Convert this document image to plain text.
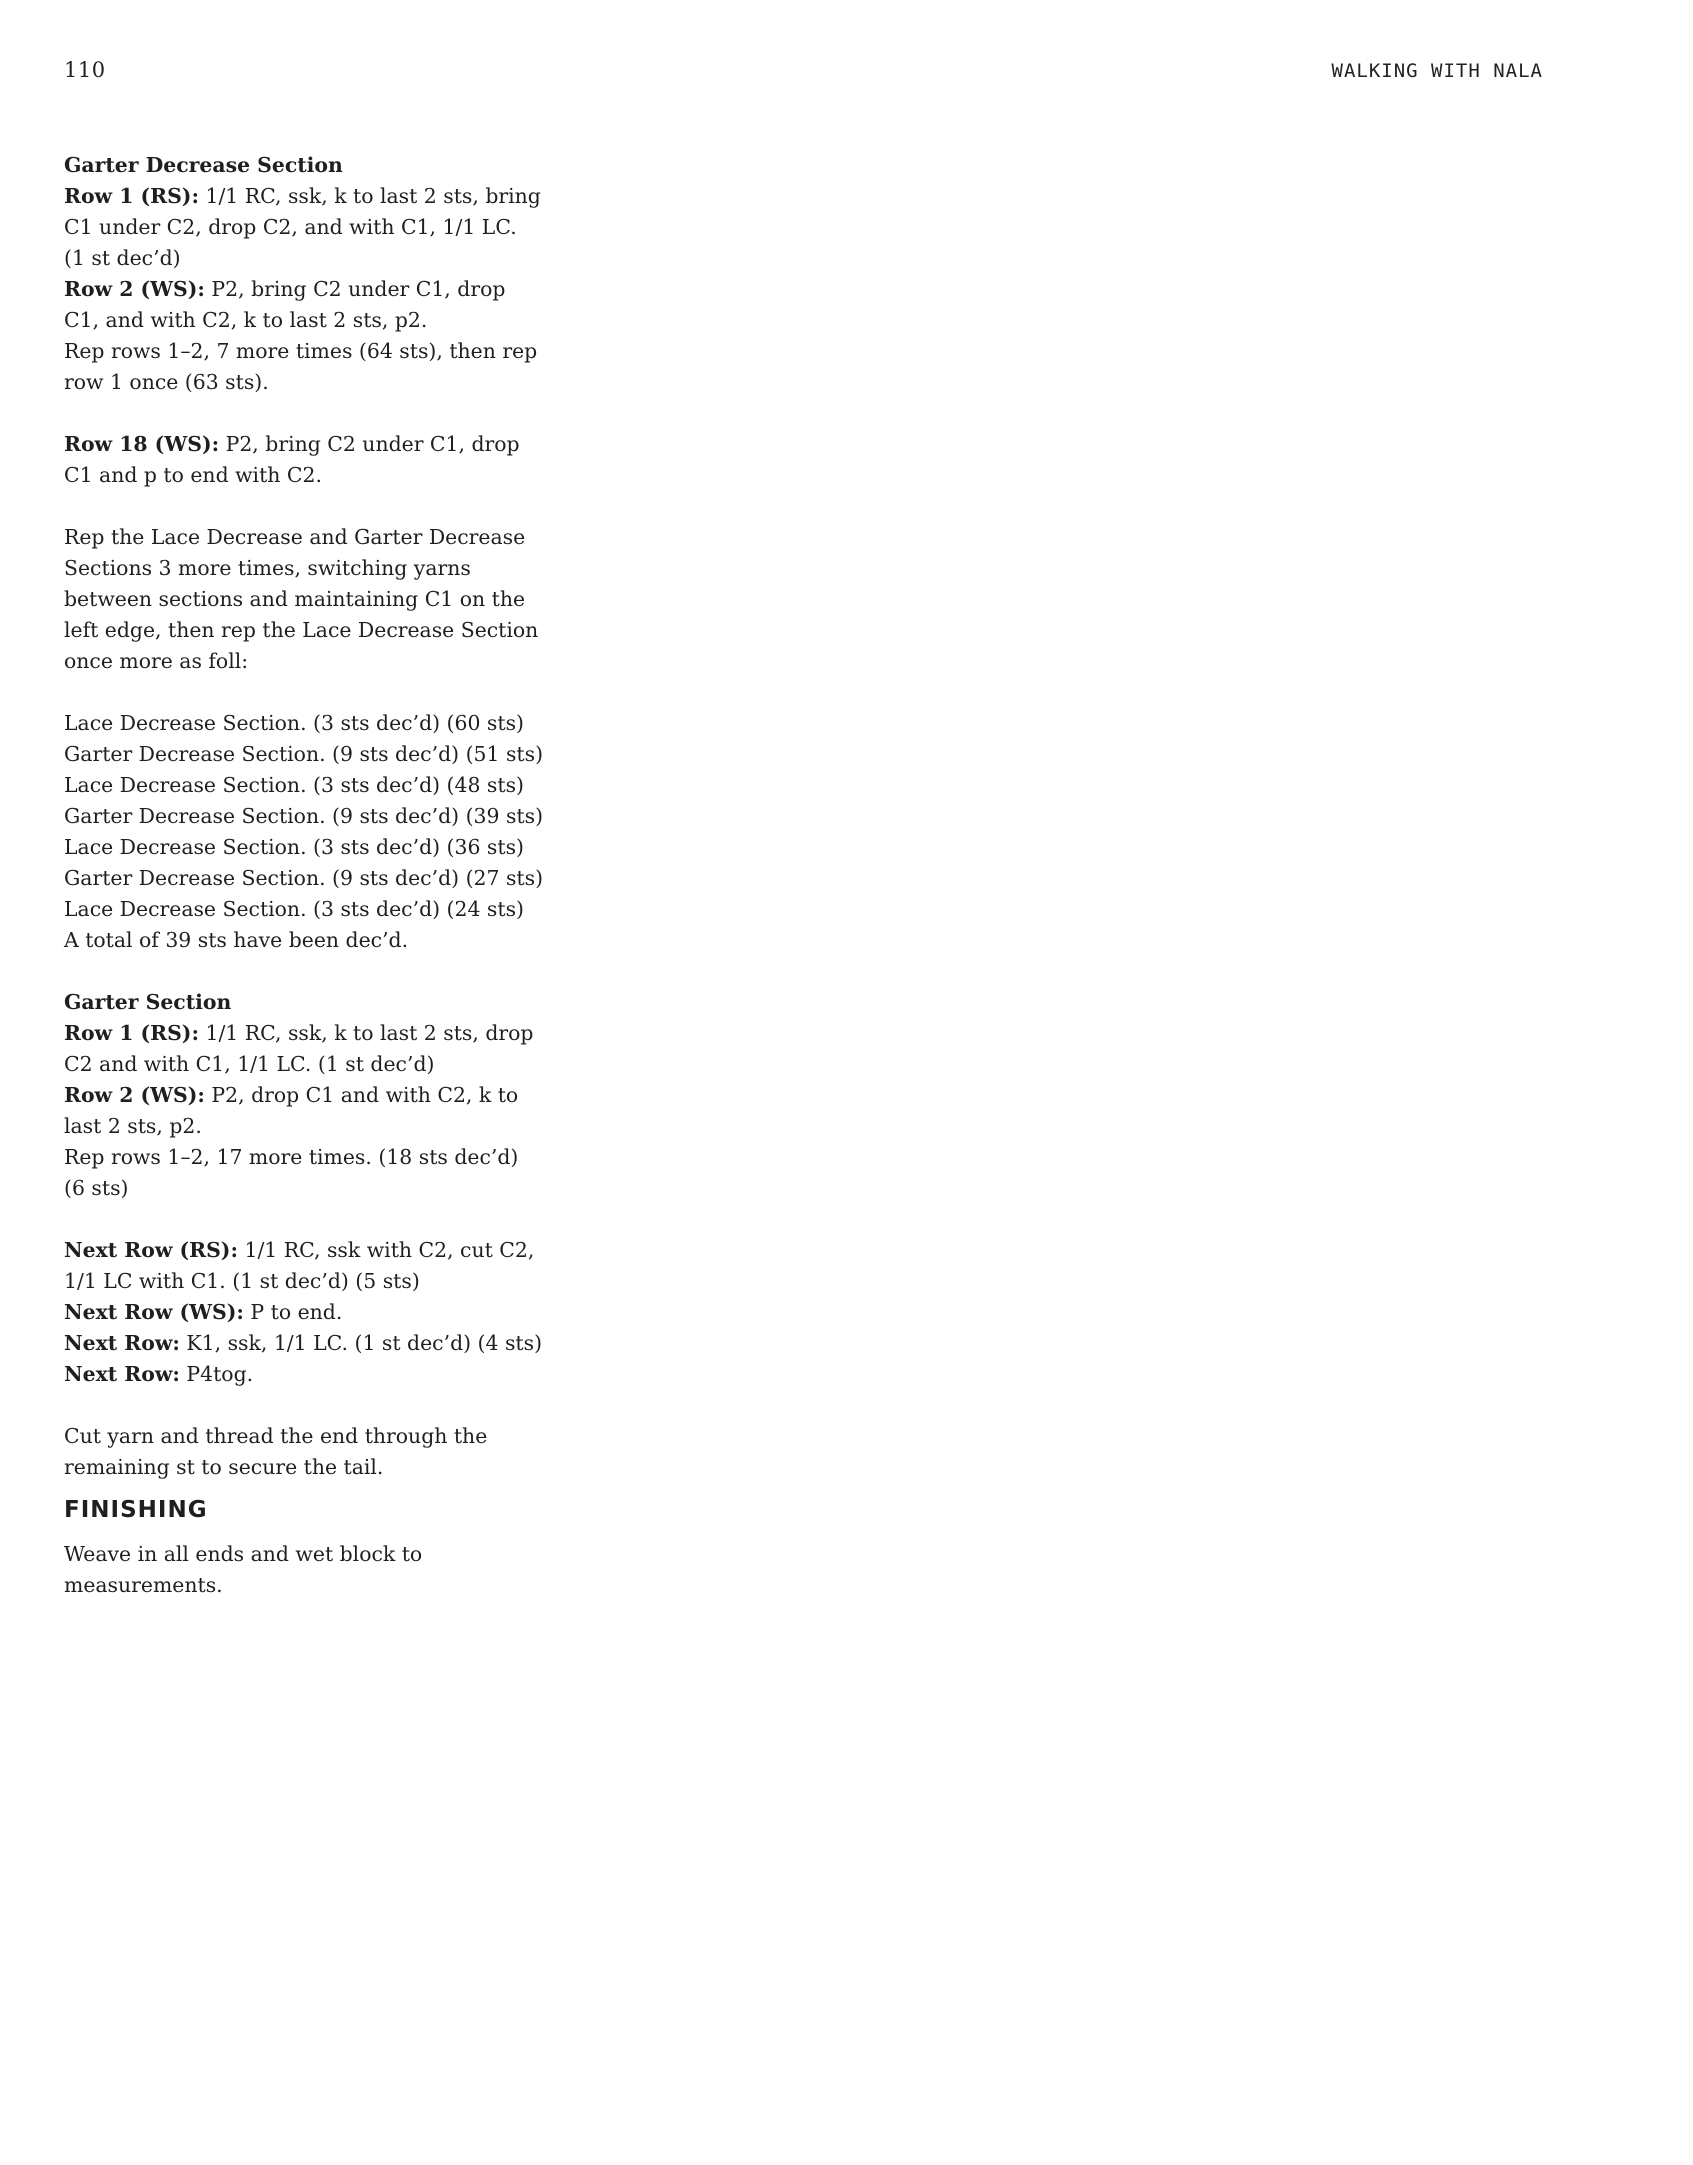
110	WALKING WITH NALA

Garter Decrease Section

Row 1 (RS): 1/1 RC, ssk, k to last 2 sts, bring C1 under C2, drop C2, and with C1, 1/1 LC. (1 st dec’d)

Row 2 (WS): P2, bring C2 under C1, drop C1, and with C2, k to last 2 sts, p2.

Rep rows 1–2, 7 more times (64 sts), then rep row 1 once (63 sts).

Row 18 (WS): P2, bring C2 under C1, drop C1 and p to end with C2.

Rep the Lace Decrease and Garter Decrease Sections 3 more times, switching yarns between sections and maintaining C1 on the left edge, then rep the Lace Decrease Section once more as foll:

Lace Decrease Section. (3 sts dec’d) (60 sts)

Garter Decrease Section. (9 sts dec’d) (51 sts)

Lace Decrease Section. (3 sts dec’d) (48 sts)

Garter Decrease Section. (9 sts dec’d) (39 sts)

Lace Decrease Section. (3 sts dec’d) (36 sts)

Garter Decrease Section. (9 sts dec’d) (27 sts)

Lace Decrease Section. (3 sts dec’d) (24 sts)

A total of 39 sts have been dec’d.

Garter Section

Row 1 (RS): 1/1 RC, ssk, k to last 2 sts, drop C2 and with C1, 1/1 LC. (1 st dec’d)

Row 2 (WS): P2, drop C1 and with C2, k to last 2 sts, p2.

Rep rows 1–2, 17 more times. (18 sts dec’d) (6 sts)

Next Row (RS): 1/1 RC, ssk with C2, cut C2, 1/1 LC with C1. (1 st dec’d) (5 sts)

Next Row (WS): P to end.

Next Row: K1, ssk, 1/1 LC. (1 st dec’d) (4 sts)

Next Row: P4tog.

Cut yarn and thread the end through the remaining st to secure the tail.

FINISHING

Weave in all ends and wet block to measurements.
